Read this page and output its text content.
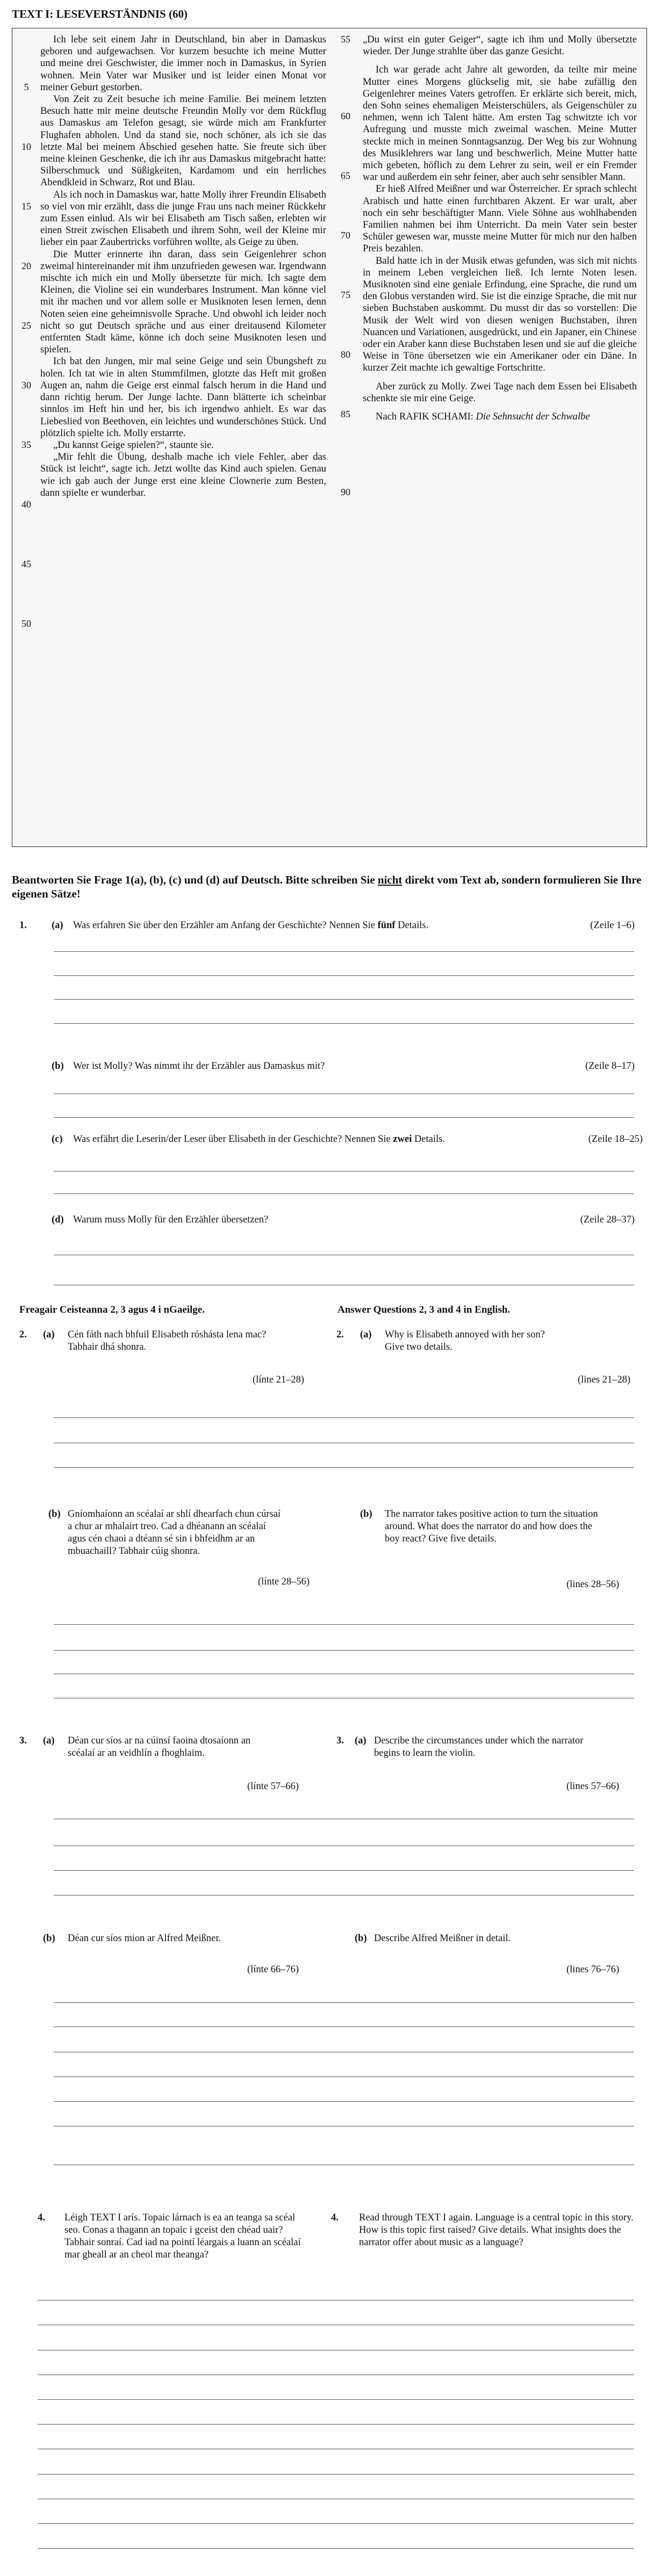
TEXT I: LESEVERSTÄNDNIS (60)

Ich lebe seit einem Jahr in Deutschland, bin aber in Damaskus geboren und aufgewachsen. Vor kurzem besuchte ich meine Mutter und meine drei Geschwister, die immer noch in Damaskus, in Syrien wohnen. Mein Vater war Musiker und ist leider einen Monat vor meiner Geburt gestorben.

Von Zeit zu Zeit besuche ich meine Familie. Bei meinem letzten Besuch hatte mir meine deutsche Freundin Molly vor dem Rückflug aus Damaskus am Telefon gesagt, sie würde mich am Frankfurter Flughafen abholen. Und da stand sie, noch schöner, als ich sie das letzte Mal bei meinem Abschied gesehen hatte. Sie freute sich über meine kleinen Geschenke, die ich ihr aus Damaskus mitgebracht hatte: Silberschmuck und Süßigkeiten, Kardamom und ein herrliches Abendkleid in Schwarz, Rot und Blau.

Als ich noch in Damaskus war, hatte Molly ihrer Freundin Elisabeth so viel von mir erzählt, dass die junge Frau uns nach meiner Rückkehr zum Essen einlud. Als wir bei Elisabeth am Tisch saßen, erlebten wir einen Streit zwischen Elisabeth und ihrem Sohn, weil der Kleine mir lieber ein paar Zaubertricks vorführen wollte, als Geige zu üben.

Die Mutter erinnerte ihn daran, dass sein Geigenlehrer schon zweimal hintereinander mit ihm unzufrieden gewesen war. Irgendwann mischte ich mich ein und Molly übersetzte für mich. Ich sagte dem Kleinen, die Violine sei ein wunderbares Instrument. Man könne viel mit ihr machen und vor allem solle er Musiknoten lesen lernen, denn Noten seien eine geheimnisvolle Sprache. Und obwohl ich leider noch nicht so gut Deutsch spräche und aus einer dreitausend Kilometer entfernten Stadt käme, könne ich doch seine Musiknoten lesen und spielen.

Ich bat den Jungen, mir mal seine Geige und sein Übungsheft zu holen. Ich tat wie in alten Stummfilmen, glotzte das Heft mit großen Augen an, nahm die Geige erst einmal falsch herum in die Hand und dann richtig herum. Der Junge lachte. Dann blätterte ich scheinbar sinnlos im Heft hin und her, bis ich irgendwo anhielt. Es war das Liebeslied von Beethoven, ein leichtes und wunderschönes Stück. Und plötzlich spielte ich. Molly erstarrte.

„Du kannst Geige spielen?“, staunte sie.

„Mir fehlt die Übung, deshalb mache ich viele Fehler, aber das Stück ist leicht“, sagte ich. Jetzt wollte das Kind auch spielen. Genau wie ich gab auch der Junge erst eine kleine Clownerie zum Besten, dann spielte er wunderbar.

„Du wirst ein guter Geiger“, sagte ich ihm und Molly übersetzte wieder. Der Junge strahlte über das ganze Gesicht.

Ich war gerade acht Jahre alt geworden, da teilte mir meine Mutter eines Morgens glückselig mit, sie habe zufällig den Geigenlehrer meines Vaters getroffen. Er erklärte sich bereit, mich, den Sohn seines ehemaligen Meisterschülers, als Geigenschüler zu nehmen, wenn ich Talent hätte. Am ersten Tag schwitzte ich vor Aufregung und musste mich zweimal waschen. Meine Mutter steckte mich in meinen Sonntagsanzug. Der Weg bis zur Wohnung des Musiklehrers war lang und beschwerlich. Meine Mutter hatte mich gebeten, höflich zu dem Lehrer zu sein, weil er ein Fremder war und außerdem ein sehr feiner, aber auch sehr sensibler Mann.

Er hieß Alfred Meißner und war Österreicher. Er sprach schlecht Arabisch und hatte einen furchtbaren Akzent. Er war uralt, aber noch ein sehr beschäftigter Mann. Viele Söhne aus wohlhabenden Familien nahmen bei ihm Unterricht. Da mein Vater sein bester Schüler gewesen war, musste meine Mutter für mich nur den halben Preis bezahlen.

Bald hatte ich in der Musik etwas gefunden, was sich mit nichts in meinem Leben vergleichen ließ. Ich lernte Noten lesen. Musiknoten sind eine geniale Erfindung, eine Sprache, die rund um den Globus verstanden wird. Sie ist die einzige Sprache, die mit nur sieben Buchstaben auskommt. Du musst dir das so vorstellen: Die Musik der Welt wird von diesen wenigen Buchstaben, ihren Nuancen und Variationen, ausgedrückt, und ein Japaner, ein Chinese oder ein Araber kann diese Buchstaben lesen und sie auf die gleiche Weise in Töne übersetzen wie ein Amerikaner oder ein Däne. In kurzer Zeit machte ich gewaltige Fortschritte.

Aber zurück zu Molly. Zwei Tage nach dem Essen bei Elisabeth schenkte sie mir eine Geige.

Nach RAFIK SCHAMI: Die Sehnsucht der Schwalbe

5
10
15
20
25
30
35
40
45
50
55
60
65
70
75
80
85
90
Beantworten Sie Frage 1(a), (b), (c) und (d) auf Deutsch. Bitte schreiben Sie nicht direkt vom Text ab, sondern formulieren Sie Ihre eigenen Sätze!
1. (a) Was erfahren Sie über den Erzähler am Anfang der Geschichte? Nennen Sie fünf Details.	(Zeile 1–6)
(b) Wer ist Molly? Was nimmt ihr der Erzähler aus Damaskus mit?	(Zeile 8–17)
(c) Was erfährt die Leserin/der Leser über Elisabeth in der Geschichte? Nennen Sie zwei Details.	(Zeile 18–25)
(d) Warum muss Molly für den Erzähler übersetzen?	(Zeile 28–37)
Freagair Ceisteanna 2, 3 agus 4 i nGaeilge.	Answer Questions 2, 3 and 4 in English.
2. (a) Cén fáth nach bhfuil Elisabeth róshásta lena mac? Tabhair dhá shonra.
2. (a) Why is Elisabeth annoyed with her son? Give two details.
(línte 21–28)	(lines 21–28)
(b) Gníomhaíonn an scéalaí ar shlí dhearfach chun cúrsaí a chur ar mhalairt treo. Cad a dhéanann an scéalaí agus cén chaoi a dtéann sé sin i bhfeidhm ar an mbuachaill? Tabhair cúig shonra.
(b) The narrator takes positive action to turn the situation around. What does the narrator do and how does the boy react? Give five details.
(línte 28–56)	(lines 28–56)
3. (a) Déan cur síos ar na cúinsí faoina dtosaíonn an scéalaí ar an veidhlín a fhoghlaim.
3. (a) Describe the circumstances under which the narrator begins to learn the violin.
(línte 57–66)	(lines 57–66)
(b) Déan cur síos mion ar Alfred Meißner.	(b) Describe Alfred Meißner in detail.
(línte 66–76)	(lines 76–76)
4. Léigh TEXT I arís. Topaic lárnach is ea an teanga sa scéal seo. Conas a thagann an topaic i gceist den chéad uair? Tabhair sonraí. Cad iad na pointí léargais a luann an scéalaí mar gheall ar an cheol mar theanga?
4. Read through TEXT I again. Language is a central topic in this story. How is this topic first raised? Give details. What insights does the narrator offer about music as a language?
